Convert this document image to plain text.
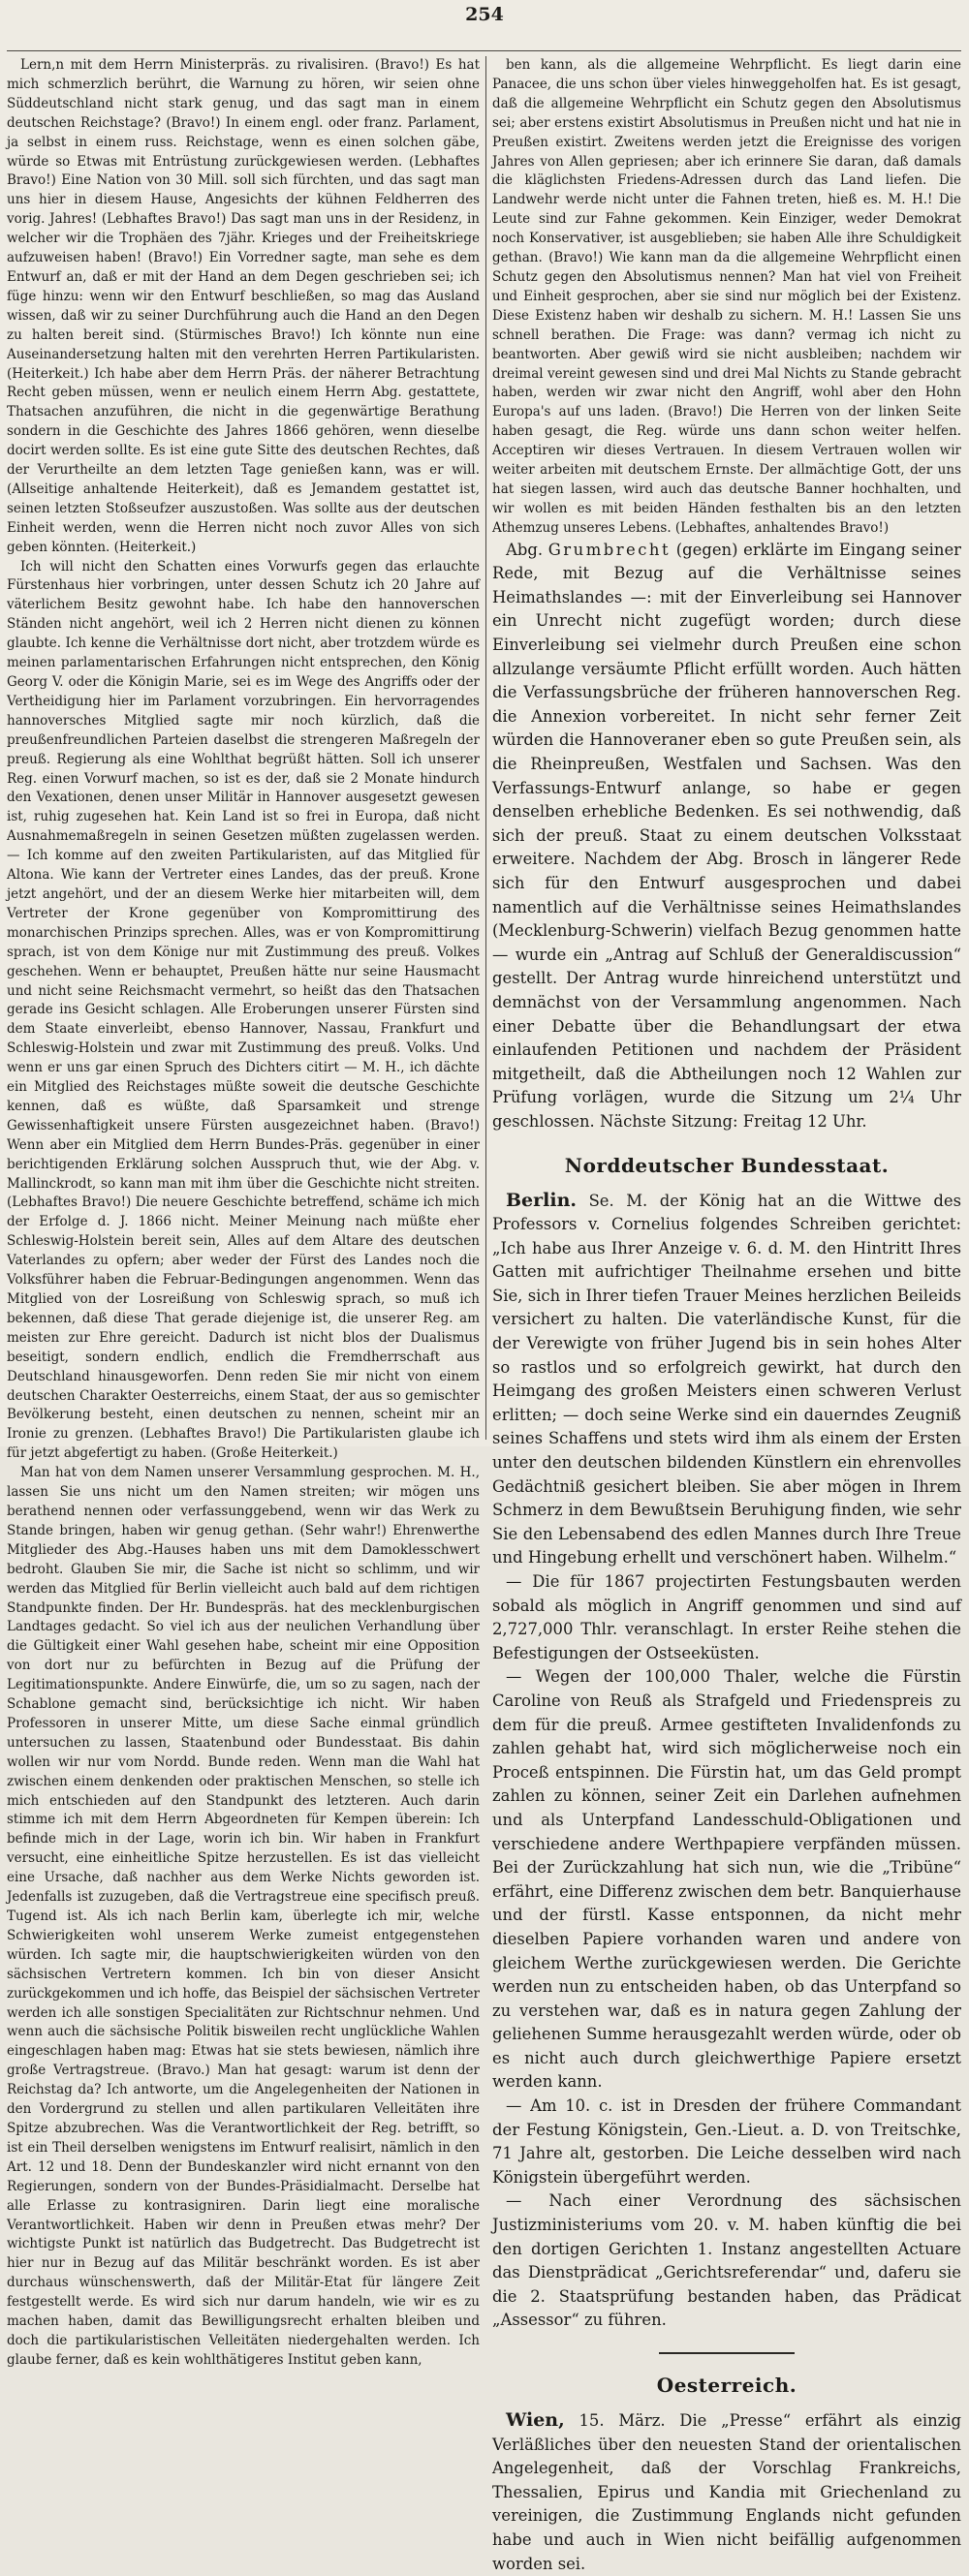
254

Lern,n mit dem Herrn Ministerpräs. zu rivalisiren. (Bravo!) Es hat mich schmerzlich berührt, die Warnung zu hören, wir seien ohne Süddeutschland nicht stark genug, und das sagt man in einem deutschen Reichstage? (Bravo!) In einem engl. oder franz. Parlament, ja selbst in einem russ. Reichstage, wenn es einen solchen gäbe, würde so Etwas mit Entrüstung zurückgewiesen werden. (Lebhaftes Bravo!) Eine Nation von 30 Mill. soll sich fürchten, und das sagt man uns hier in diesem Hause, Angesichts der kühnen Feldherren des vorig. Jahres! (Lebhaftes Bravo!) Das sagt man uns in der Residenz, in welcher wir die Trophäen des 7jähr. Krieges und der Freiheitskriege aufzuweisen haben! (Bravo!) Ein Vorredner sagte, man sehe es dem Entwurf an, daß er mit der Hand an dem Degen geschrieben sei; ich füge hinzu: wenn wir den Entwurf beschließen, so mag das Ausland wissen, daß wir zu seiner Durchführung auch die Hand an den Degen zu halten bereit sind. (Stürmisches Bravo!) Ich könnte nun eine Auseinandersetzung halten mit den verehrten Herren Partikularisten. (Heiterkeit.) Ich habe aber dem Herrn Präs. der näherer Betrachtung Recht geben müssen, wenn er neulich einem Herrn Abg. gestattete, Thatsachen anzuführen, die nicht in die gegenwärtige Berathung sondern in die Geschichte des Jahres 1866 gehören, wenn dieselbe docirt werden sollte. Es ist eine gute Sitte des deutschen Rechtes, daß der Verurtheilte an dem letzten Tage genießen kann, was er will. (Allseitige anhaltende Heiterkeit), daß es Jemandem gestattet ist, seinen letzten Stoßseufzer auszustoßen. Was sollte aus der deutschen Einheit werden, wenn die Herren nicht noch zuvor Alles von sich geben könnten. (Heiterkeit.)

Ich will nicht den Schatten eines Vorwurfs gegen das erlauchte Fürstenhaus hier vorbringen, unter dessen Schutz ich 20 Jahre auf väterlichem Besitz gewohnt habe. Ich habe den hannoverschen Ständen nicht angehört, weil ich 2 Herren nicht dienen zu können glaubte. Ich kenne die Verhältnisse dort nicht, aber trotzdem würde es meinen parlamentarischen Erfahrungen nicht entsprechen, den König Georg V. oder die Königin Marie, sei es im Wege des Angriffs oder der Vertheidigung hier im Parlament vorzubringen. Ein hervorragendes hannoversches Mitglied sagte mir noch kürzlich, daß die preußenfreundlichen Parteien daselbst die strengeren Maßregeln der preuß. Regierung als eine Wohlthat begrüßt hätten. Soll ich unserer Reg. einen Vorwurf machen, so ist es der, daß sie 2 Monate hindurch den Vexationen, denen unser Militär in Hannover ausgesetzt gewesen ist, ruhig zugesehen hat. Kein Land ist so frei in Europa, daß nicht Ausnahmemaßregeln in seinen Gesetzen müßten zugelassen werden. — Ich komme auf den zweiten Partikularisten, auf das Mitglied für Altona. Wie kann der Vertreter eines Landes, das der preuß. Krone jetzt angehört, und der an diesem Werke hier mitarbeiten will, dem Vertreter der Krone gegenüber von Kompromittirung des monarchischen Prinzips sprechen. Alles, was er von Kompromittirung sprach, ist von dem Könige nur mit Zustimmung des preuß. Volkes geschehen. Wenn er behauptet, Preußen hätte nur seine Hausmacht und nicht seine Reichsmacht vermehrt, so heißt das den Thatsachen gerade ins Gesicht schlagen. Alle Eroberungen unserer Fürsten sind dem Staate einverleibt, ebenso Hannover, Nassau, Frankfurt und Schleswig-Holstein und zwar mit Zustimmung des preuß. Volks. Und wenn er uns gar einen Spruch des Dichters citirt — M. H., ich dächte ein Mitglied des Reichstages müßte soweit die deutsche Geschichte kennen, daß es wüßte, daß Sparsamkeit und strenge Gewissenhaftigkeit unsere Fürsten ausgezeichnet haben. (Bravo!) Wenn aber ein Mitglied dem Herrn Bundes-Präs. gegenüber in einer berichtigenden Erklärung solchen Ausspruch thut, wie der Abg. v. Mallinckrodt, so kann man mit ihm über die Geschichte nicht streiten. (Lebhaftes Bravo!) Die neuere Geschichte betreffend, schäme ich mich der Erfolge d. J. 1866 nicht. Meiner Meinung nach müßte eher Schleswig-Holstein bereit sein, Alles auf dem Altare des deutschen Vaterlandes zu opfern; aber weder der Fürst des Landes noch die Volksführer haben die Februar-Bedingungen angenommen. Wenn das Mitglied von der Losreißung von Schleswig sprach, so muß ich bekennen, daß diese That gerade diejenige ist, die unserer Reg. am meisten zur Ehre gereicht. Dadurch ist nicht blos der Dualismus beseitigt, sondern endlich, endlich die Fremdherrschaft aus Deutschland hinausgeworfen. Denn reden Sie mir nicht von einem deutschen Charakter Oesterreichs, einem Staat, der aus so gemischter Bevölkerung besteht, einen deutschen zu nennen, scheint mir an Ironie zu grenzen. (Lebhaftes Bravo!) Die Partikularisten glaube ich für jetzt abgefertigt zu haben. (Große Heiterkeit.)

Man hat von dem Namen unserer Versammlung gesprochen. M. H., lassen Sie uns nicht um den Namen streiten; wir mögen uns berathend nennen oder verfassunggebend, wenn wir das Werk zu Stande bringen, haben wir genug gethan. (Sehr wahr!) Ehrenwerthe Mitglieder des Abg.-Hauses haben uns mit dem Damoklesschwert bedroht. Glauben Sie mir, die Sache ist nicht so schlimm, und wir werden das Mitglied für Berlin vielleicht auch bald auf dem richtigen Standpunkte finden. Der Hr. Bundespräs. hat des mecklenburgischen Landtages gedacht. So viel ich aus der neulichen Verhandlung über die Gültigkeit einer Wahl gesehen habe, scheint mir eine Opposition von dort nur zu befürchten in Bezug auf die Prüfung der Legitimationspunkte. Andere Einwürfe, die, um so zu sagen, nach der Schablone gemacht sind, berücksichtige ich nicht. Wir haben Professoren in unserer Mitte, um diese Sache einmal gründlich untersuchen zu lassen, Staatenbund oder Bundesstaat. Bis dahin wollen wir nur vom Nordd. Bunde reden. Wenn man die Wahl hat zwischen einem denkenden oder praktischen Menschen, so stelle ich mich entschieden auf den Standpunkt des letzteren. Auch darin stimme ich mit dem Herrn Abgeordneten für Kempen überein: Ich befinde mich in der Lage, worin ich bin. Wir haben in Frankfurt versucht, eine einheitliche Spitze herzustellen. Es ist das vielleicht eine Ursache, daß nachher aus dem Werke Nichts geworden ist. Jedenfalls ist zuzugeben, daß die Vertragstreue eine specifisch preuß. Tugend ist. Als ich nach Berlin kam, überlegte ich mir, welche Schwierigkeiten wohl unserem Werke zumeist entgegenstehen würden. Ich sagte mir, die hauptschwierigkeiten würden von den sächsischen Vertretern kommen. Ich bin von dieser Ansicht zurückgekommen und ich hoffe, das Beispiel der sächsischen Vertreter werden ich alle sonstigen Specialitäten zur Richtschnur nehmen. Und wenn auch die sächsische Politik bisweilen recht unglückliche Wahlen eingeschlagen haben mag: Etwas hat sie stets bewiesen, nämlich ihre große Vertragstreue. (Bravo.) Man hat gesagt: warum ist denn der Reichstag da? Ich antworte, um die Angelegenheiten der Nationen in den Vordergrund zu stellen und allen partikularen Velleitäten ihre Spitze abzubrechen. Was die Verantwortlichkeit der Reg. betrifft, so ist ein Theil derselben wenigstens im Entwurf realisirt, nämlich in den Art. 12 und 18. Denn der Bundeskanzler wird nicht ernannt von den Regierungen, sondern von der Bundes-Präsidialmacht. Derselbe hat alle Erlasse zu kontrasigniren. Darin liegt eine moralische Verantwortlichkeit. Haben wir denn in Preußen etwas mehr? Der wichtigste Punkt ist natürlich das Budgetrecht. Das Budgetrecht ist hier nur in Bezug auf das Militär beschränkt worden. Es ist aber durchaus wünschenswerth, daß der Militär-Etat für längere Zeit festgestellt werde. Es wird sich nur darum handeln, wie wir es zu machen haben, damit das Bewilligungsrecht erhalten bleiben und doch die partikularistischen Velleitäten niedergehalten werden. Ich glaube ferner, daß es kein wohlthätigeres Institut geben kann,

ben kann, als die allgemeine Wehrpflicht. Es liegt darin eine Panacee, die uns schon über vieles hinweggeholfen hat. Es ist gesagt, daß die allgemeine Wehrpflicht ein Schutz gegen den Absolutismus sei; aber erstens existirt Absolutismus in Preußen nicht und hat nie in Preußen existirt. Zweitens werden jetzt die Ereignisse des vorigen Jahres von Allen gepriesen; aber ich erinnere Sie daran, daß damals die kläglichsten Friedens-Adressen durch das Land liefen. Die Landwehr werde nicht unter die Fahnen treten, hieß es. M. H.! Die Leute sind zur Fahne gekommen. Kein Einziger, weder Demokrat noch Konservativer, ist ausgeblieben; sie haben Alle ihre Schuldigkeit gethan. (Bravo!) Wie kann man da die allgemeine Wehrpflicht einen Schutz gegen den Absolutismus nennen? Man hat viel von Freiheit und Einheit gesprochen, aber sie sind nur möglich bei der Existenz. Diese Existenz haben wir deshalb zu sichern. M. H.! Lassen Sie uns schnell berathen. Die Frage: was dann? vermag ich nicht zu beantworten. Aber gewiß wird sie nicht ausbleiben; nachdem wir dreimal vereint gewesen sind und drei Mal Nichts zu Stande gebracht haben, werden wir zwar nicht den Angriff, wohl aber den Hohn Europa's auf uns laden. (Bravo!) Die Herren von der linken Seite haben gesagt, die Reg. würde uns dann schon weiter helfen. Acceptiren wir dieses Vertrauen. In diesem Vertrauen wollen wir weiter arbeiten mit deutschem Ernste. Der allmächtige Gott, der uns hat siegen lassen, wird auch das deutsche Banner hochhalten, und wir wollen es mit beiden Händen festhalten bis an den letzten Athemzug unseres Lebens. (Lebhaftes, anhaltendes Bravo!)

Abg. Grumbrecht (gegen) erklärte im Eingang seiner Rede, mit Bezug auf die Verhältnisse seines Heimathslandes —: mit der Einverleibung sei Hannover ein Unrecht nicht zugefügt worden; durch diese Einverleibung sei vielmehr durch Preußen eine schon allzulange versäumte Pflicht erfüllt worden. Auch hätten die Verfassungsbrüche der früheren hannoverschen Reg. die Annexion vorbereitet. In nicht sehr ferner Zeit würden die Hannoveraner eben so gute Preußen sein, als die Rheinpreußen, Westfalen und Sachsen. Was den Verfassungs-Entwurf anlange, so habe er gegen denselben erhebliche Bedenken. Es sei nothwendig, daß sich der preuß. Staat zu einem deutschen Volksstaat erweitere. Nachdem der Abg. Brosch in längerer Rede sich für den Entwurf ausgesprochen und dabei namentlich auf die Verhältnisse seines Heimathslandes (Mecklenburg-Schwerin) vielfach Bezug genommen hatte — wurde ein „Antrag auf Schluß der Generaldiscussion“ gestellt. Der Antrag wurde hinreichend unterstützt und demnächst von der Versammlung angenommen. Nach einer Debatte über die Behandlungsart der etwa einlaufenden Petitionen und nachdem der Präsident mitgetheilt, daß die Abtheilungen noch 12 Wahlen zur Prüfung vorlägen, wurde die Sitzung um 2¼ Uhr geschlossen. Nächste Sitzung: Freitag 12 Uhr.

Norddeutscher Bundesstaat.

Berlin. Se. M. der König hat an die Wittwe des Professors v. Cornelius folgendes Schreiben gerichtet: „Ich habe aus Ihrer Anzeige v. 6. d. M. den Hintritt Ihres Gatten mit aufrichtiger Theilnahme ersehen und bitte Sie, sich in Ihrer tiefen Trauer Meines herzlichen Beileids versichert zu halten. Die vaterländische Kunst, für die der Verewigte von früher Jugend bis in sein hohes Alter so rastlos und so erfolgreich gewirkt, hat durch den Heimgang des großen Meisters einen schweren Verlust erlitten; — doch seine Werke sind ein dauerndes Zeugniß seines Schaffens und stets wird ihm als einem der Ersten unter den deutschen bildenden Künstlern ein ehrenvolles Gedächtniß gesichert bleiben. Sie aber mögen in Ihrem Schmerz in dem Bewußtsein Beruhigung finden, wie sehr Sie den Lebensabend des edlen Mannes durch Ihre Treue und Hingebung erhellt und verschönert haben. Wilhelm.“

— Die für 1867 projectirten Festungsbauten werden sobald als möglich in Angriff genommen und sind auf 2,727,000 Thlr. veranschlagt. In erster Reihe stehen die Befestigungen der Ostseeküsten.

— Wegen der 100,000 Thaler, welche die Fürstin Caroline von Reuß als Strafgeld und Friedenspreis zu dem für die preuß. Armee gestifteten Invalidenfonds zu zahlen gehabt hat, wird sich möglicherweise noch ein Proceß entspinnen. Die Fürstin hat, um das Geld prompt zahlen zu können, seiner Zeit ein Darlehen aufnehmen und als Unterpfand Landesschuld-Obligationen und verschiedene andere Werthpapiere verpfänden müssen. Bei der Zurückzahlung hat sich nun, wie die „Tribüne“ erfährt, eine Differenz zwischen dem betr. Banquierhause und der fürstl. Kasse entsponnen, da nicht mehr dieselben Papiere vorhanden waren und andere von gleichem Werthe zurückgewiesen werden. Die Gerichte werden nun zu entscheiden haben, ob das Unterpfand so zu verstehen war, daß es in natura gegen Zahlung der geliehenen Summe herausgezahlt werden würde, oder ob es nicht auch durch gleichwerthige Papiere ersetzt werden kann.

— Am 10. c. ist in Dresden der frühere Commandant der Festung Königstein, Gen.-Lieut. a. D. von Treitschke, 71 Jahre alt, gestorben. Die Leiche desselben wird nach Königstein übergeführt werden.

— Nach einer Verordnung des sächsischen Justizministeriums vom 20. v. M. haben künftig die bei den dortigen Gerichten 1. Instanz angestellten Actuare das Dienstprädicat „Gerichtsreferendar“ und, daferu sie die 2. Staatsprüfung bestanden haben, das Prädicat „Assessor“ zu führen.

Oesterreich.

Wien, 15. März. Die „Presse“ erfährt als einzig Verläßliches über den neuesten Stand der orientalischen Angelegenheit, daß der Vorschlag Frankreichs, Thessalien, Epirus und Kandia mit Griechenland zu vereinigen, die Zustimmung Englands nicht gefunden habe und auch in Wien nicht beifällig aufgenommen worden sei.
